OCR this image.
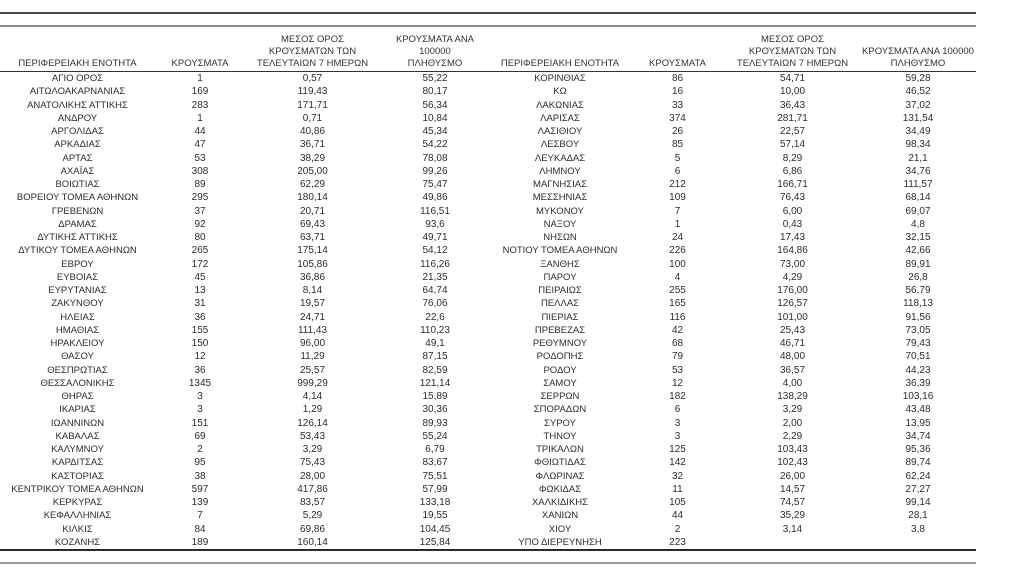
ΠΕΡΙΦΕΡΕΙΑΚΗ ΕΝΟΤΗΤΑ	ΚΡΟΥΣΜΑΤΑ	ΜΕΣΟΣ ΟΡΟΣ
ΚΡΟΥΣΜΑΤΩΝ ΤΩΝ
ΤΕΛΕΥΤΑΙΩΝ 7 ΗΜΕΡΩΝ	ΚΡΟΥΣΜΑΤΑ ΑΝΑ 100000
ΠΛΗΘΥΣΜΟ	ΠΕΡΙΦΕΡΕΙΑΚΗ ΕΝΟΤΗΤΑ	ΚΡΟΥΣΜΑΤΑ	ΜΕΣΟΣ ΟΡΟΣ
ΚΡΟΥΣΜΑΤΩΝ ΤΩΝ
ΤΕΛΕΥΤΑΙΩΝ 7 ΗΜΕΡΩΝ	ΚΡΟΥΣΜΑΤΑ ΑΝΑ 100000
ΠΛΗΘΥΣΜΟ
ΑΓΙΟ ΟΡΟΣ	1	0,57	55,22	ΚΟΡΙΝΘΙΑΣ	86	54,71	59,28
ΑΙΤΩΛΟΑΚΑΡΝΑΝΙΑΣ	169	119,43	80,17	ΚΩ	16	10,00	46,52
ΑΝΑΤΟΛΙΚΗΣ ΑΤΤΙΚΗΣ	283	171,71	56,34	ΛΑΚΩΝΙΑΣ	33	36,43	37,02
ΑΝΔΡΟΥ	1	0,71	10,84	ΛΑΡΙΣΑΣ	374	281,71	131,54
ΑΡΓΟΛΙΔΑΣ	44	40,86	45,34	ΛΑΣΙΘΙΟΥ	26	22,57	34,49
ΑΡΚΑΔΙΑΣ	47	36,71	54,22	ΛΕΣΒΟΥ	85	57,14	98,34
ΑΡΤΑΣ	53	38,29	78,08	ΛΕΥΚΑΔΑΣ	5	8,29	21,1
ΑΧΑΪΑΣ	308	205,00	99,26	ΛΗΜΝΟΥ	6	6,86	34,76
ΒΟΙΩΤΙΑΣ	89	62,29	75,47	ΜΑΓΝΗΣΙΑΣ	212	166,71	111,57
ΒΟΡΕΙΟΥ ΤΟΜΕΑ ΑΘΗΝΩΝ	295	180,14	49,86	ΜΕΣΣΗΝΙΑΣ	109	76,43	68,14
ΓΡΕΒΕΝΩΝ	37	20,71	116,51	ΜΥΚΟΝΟΥ	7	6,00	69,07
ΔΡΑΜΑΣ	92	69,43	93,6	ΝΑΞΟΥ	1	0,43	4,8
ΔΥΤΙΚΗΣ ΑΤΤΙΚΗΣ	80	63,71	49,71	ΝΗΣΩΝ	24	17,43	32,15
ΔΥΤΙΚΟΥ ΤΟΜΕΑ ΑΘΗΝΩΝ	265	175,14	54,12	ΝΟΤΙΟΥ ΤΟΜΕΑ ΑΘΗΝΩΝ	226	164,86	42,66
ΕΒΡΟΥ	172	105,86	116,26	ΞΑΝΘΗΣ	100	73,00	89,91
ΕΥΒΟΙΑΣ	45	36,86	21,35	ΠΑΡΟΥ	4	4,29	26,8
ΕΥΡΥΤΑΝΙΑΣ	13	8,14	64,74	ΠΕΙΡΑΙΩΣ	255	176,00	56,79
ΖΑΚΥΝΘΟΥ	31	19,57	76,06	ΠΕΛΛΑΣ	165	126,57	118,13
ΗΛΕΙΑΣ	36	24,71	22,6	ΠΙΕΡΙΑΣ	116	101,00	91,56
ΗΜΑΘΙΑΣ	155	111,43	110,23	ΠΡΕΒΕΖΑΣ	42	25,43	73,05
ΗΡΑΚΛΕΙΟΥ	150	96,00	49,1	ΡΕΘΥΜΝΟΥ	68	46,71	79,43
ΘΑΣΟΥ	12	11,29	87,15	ΡΟΔΟΠΗΣ	79	48,00	70,51
ΘΕΣΠΡΩΤΙΑΣ	36	25,57	82,59	ΡΟΔΟΥ	53	36,57	44,23
ΘΕΣΣΑΛΟΝΙΚΗΣ	1345	999,29	121,14	ΣΑΜΟΥ	12	4,00	36,39
ΘΗΡΑΣ	3	4,14	15,89	ΣΕΡΡΩΝ	182	138,29	103,16
ΙΚΑΡΙΑΣ	3	1,29	30,36	ΣΠΟΡΑΔΩΝ	6	3,29	43,48
ΙΩΑΝΝΙΝΩΝ	151	126,14	89,93	ΣΥΡΟΥ	3	2,00	13,95
ΚΑΒΑΛΑΣ	69	53,43	55,24	ΤΗΝΟΥ	3	2,29	34,74
ΚΑΛΥΜΝΟΥ	2	3,29	6,79	ΤΡΙΚΑΛΩΝ	125	103,43	95,36
ΚΑΡΔΙΤΣΑΣ	95	75,43	83,67	ΦΘΙΩΤΙΔΑΣ	142	102,43	89,74
ΚΑΣΤΟΡΙΑΣ	38	28,00	75,51	ΦΛΩΡΙΝΑΣ	32	26,00	62,24
ΚΕΝΤΡΙΚΟΥ ΤΟΜΕΑ ΑΘΗΝΩΝ	597	417,86	57,99	ΦΩΚΙΔΑΣ	11	14,57	27,27
ΚΕΡΚΥΡΑΣ	139	83,57	133,18	ΧΑΛΚΙΔΙΚΗΣ	105	74,57	99,14
ΚΕΦΑΛΛΗΝΙΑΣ	7	5,29	19,55	ΧΑΝΙΩΝ	44	35,29	28,1
ΚΙΛΚΙΣ	84	69,86	104,45	ΧΙΟΥ	2	3,14	3,8
ΚΟΖΑΝΗΣ	189	160,14	125,84	ΥΠΟ ΔΙΕΡΕΥΝΗΣΗ	223		
